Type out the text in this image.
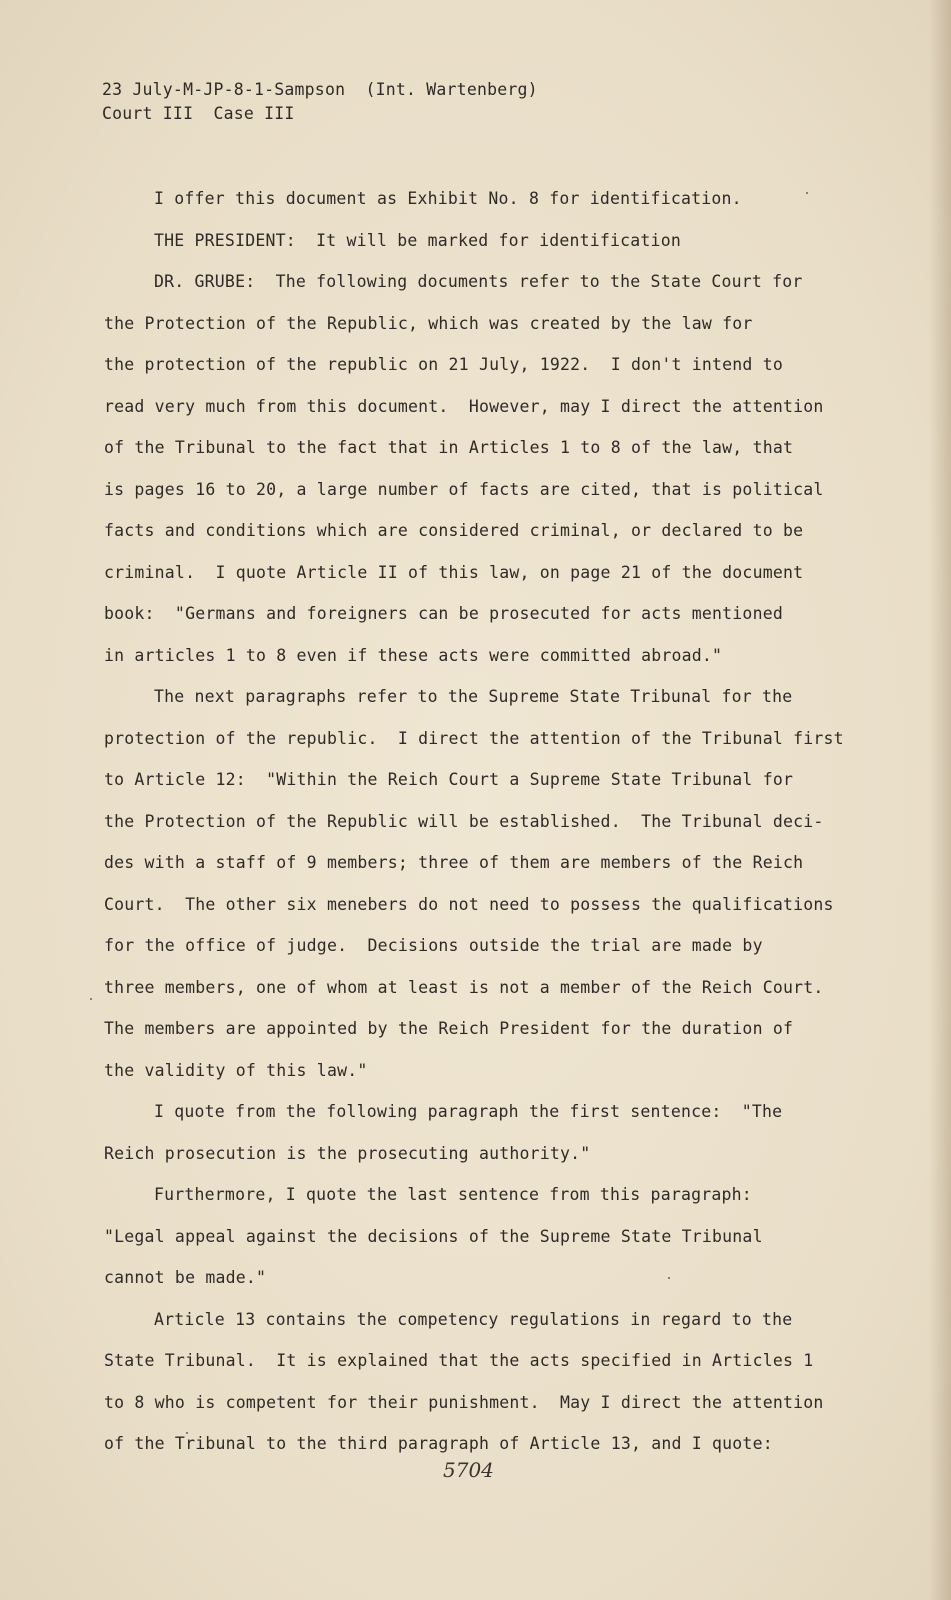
23 July-M-JP-8-1-Sampson  (Int. Wartenberg)
Court III  Case III

I offer this document as Exhibit No. 8 for identification.

THE PRESIDENT:  It will be marked for identification

DR. GRUBE:  The following documents refer to the State Court for

the Protection of the Republic, which was created by the law for

the protection of the republic on 21 July, 1922.  I don't intend to

read very much from this document.  However, may I direct the attention

of the Tribunal to the fact that in Articles 1 to 8 of the law, that

is pages 16 to 20, a large number of facts are cited, that is political

facts and conditions which are considered criminal, or declared to be

criminal.  I quote Article II of this law, on page 21 of the document

book:  "Germans and foreigners can be prosecuted for acts mentioned

in articles 1 to 8 even if these acts were committed abroad."

The next paragraphs refer to the Supreme State Tribunal for the

protection of the republic.  I direct the attention of the Tribunal first

to Article 12:  "Within the Reich Court a Supreme State Tribunal for

the Protection of the Republic will be established.  The Tribunal deci-

des with a staff of 9 members; three of them are members of the Reich

Court.  The other six menebers do not need to possess the qualifications

for the office of judge.  Decisions outside the trial are made by

three members, one of whom at least is not a member of the Reich Court.

The members are appointed by the Reich President for the duration of

the validity of this law."

I quote from the following paragraph the first sentence:  "The

Reich prosecution is the prosecuting authority."

Furthermore, I quote the last sentence from this paragraph:

"Legal appeal against the decisions of the Supreme State Tribunal

cannot be made."

Article 13 contains the competency regulations in regard to the

State Tribunal.  It is explained that the acts specified in Articles 1

to 8 who is competent for their punishment.  May I direct the attention

of the Tribunal to the third paragraph of Article 13, and I quote:

5704
